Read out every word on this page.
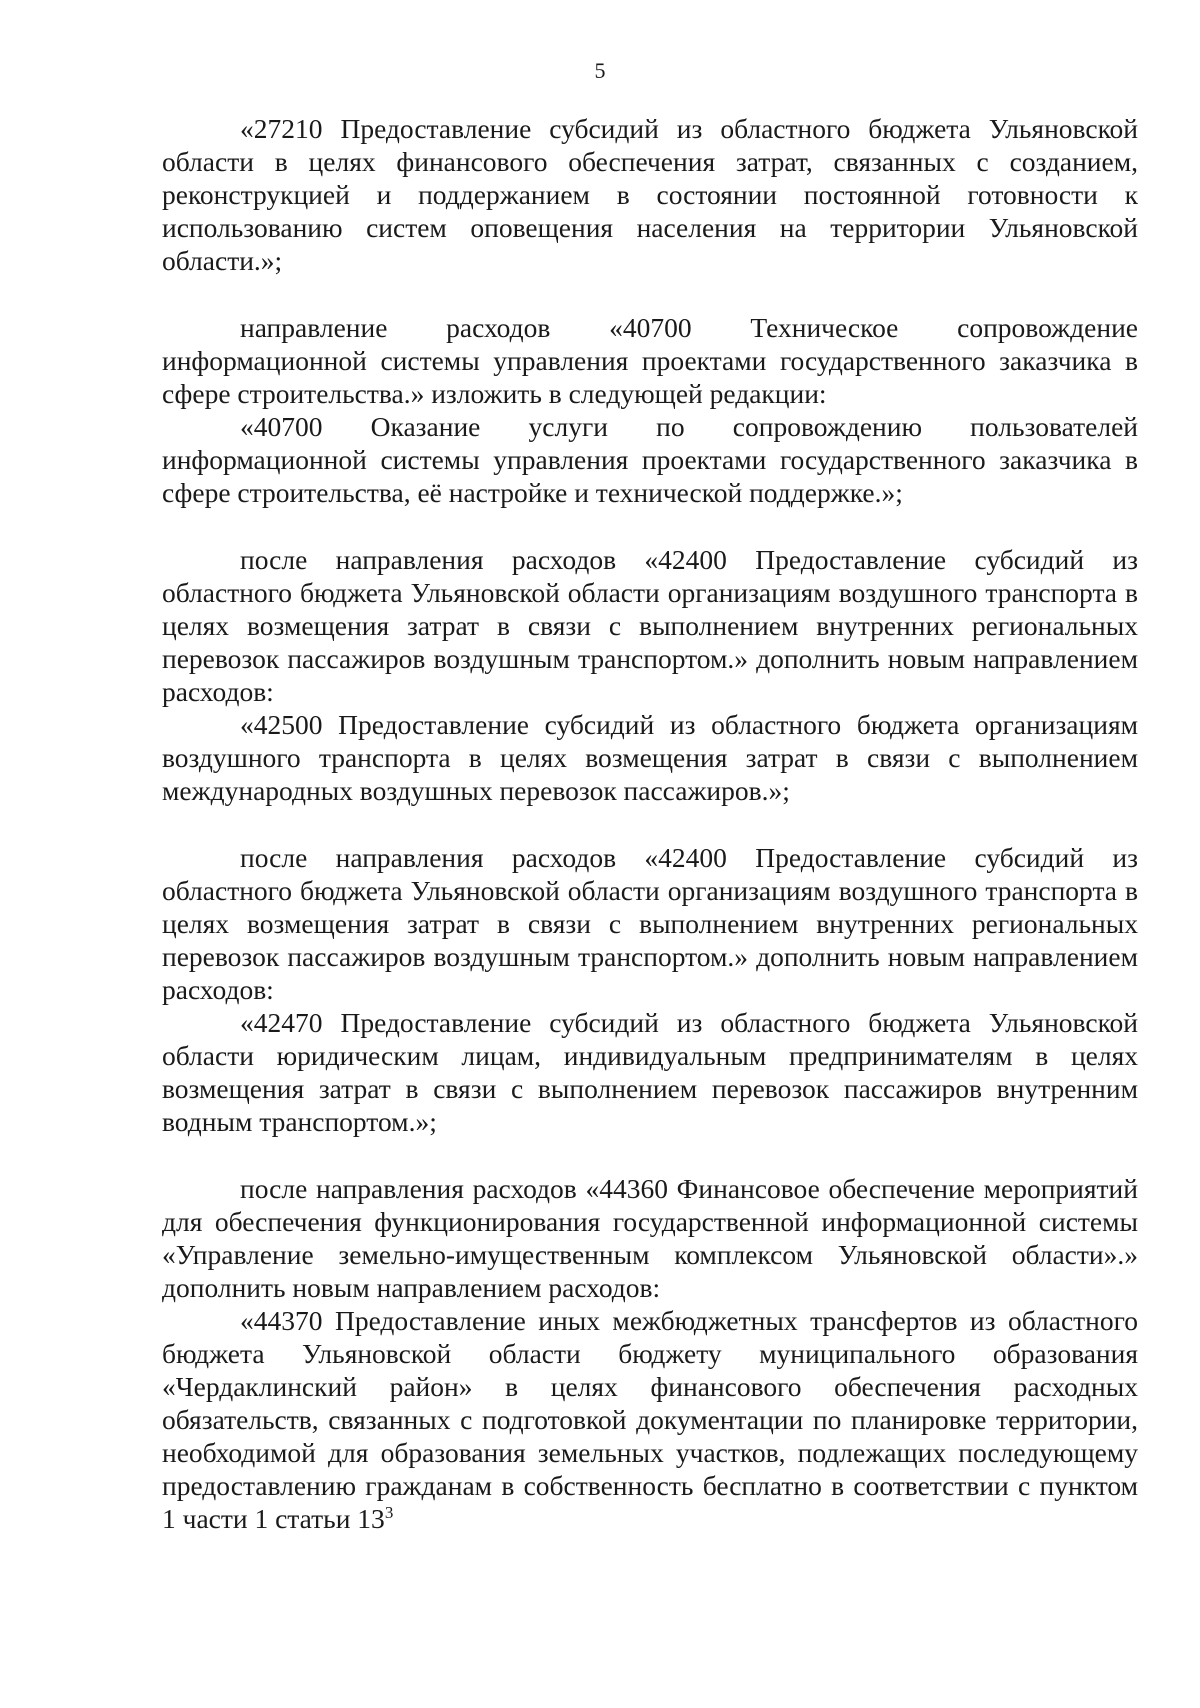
5

«27210 Предоставление субсидий из областного бюджета Ульяновской области в целях финансового обеспечения затрат, связанных с созданием, реконструкцией и поддержанием в состоянии постоянной готовности к использованию систем оповещения населения на территории Ульяновской области.»;

направление расходов «40700 Техническое сопровождение информационной системы управления проектами государственного заказчика в сфере строительства.» изложить в следующей редакции:

«40700 Оказание услуги по сопровождению пользователей информационной системы управления проектами государственного заказчика в сфере строительства, её настройке и технической поддержке.»;

после направления расходов «42400 Предоставление субсидий из областного бюджета Ульяновской области организациям воздушного транспорта в целях возмещения затрат в связи с выполнением внутренних региональных перевозок пассажиров воздушным транспортом.» дополнить новым направлением расходов:

«42500 Предоставление субсидий из областного бюджета организациям воздушного транспорта в целях возмещения затрат в связи с выполнением международных воздушных перевозок пассажиров.»;

после направления расходов «42400 Предоставление субсидий из областного бюджета Ульяновской области организациям воздушного транспорта в целях возмещения затрат в связи с выполнением внутренних региональных перевозок пассажиров воздушным транспортом.» дополнить новым направлением расходов:

«42470 Предоставление субсидий из областного бюджета Ульяновской области юридическим лицам, индивидуальным предпринимателям в целях возмещения затрат в связи с выполнением перевозок пассажиров внутренним водным транспортом.»;

после направления расходов «44360 Финансовое обеспечение мероприятий для обеспечения функционирования государственной информационной системы «Управление земельно-имущественным комплексом Ульяновской области».» дополнить новым направлением расходов:

«44370 Предоставление иных межбюджетных трансфертов из областного бюджета Ульяновской области бюджету муниципального образования «Чердаклинский район» в целях финансового обеспечения расходных обязательств, связанных с подготовкой документации по планировке территории, необходимой для образования земельных участков, подлежащих последующему предоставлению гражданам в собственность бесплатно в соответствии с пунктом 1 части 1 статьи $13^3$
